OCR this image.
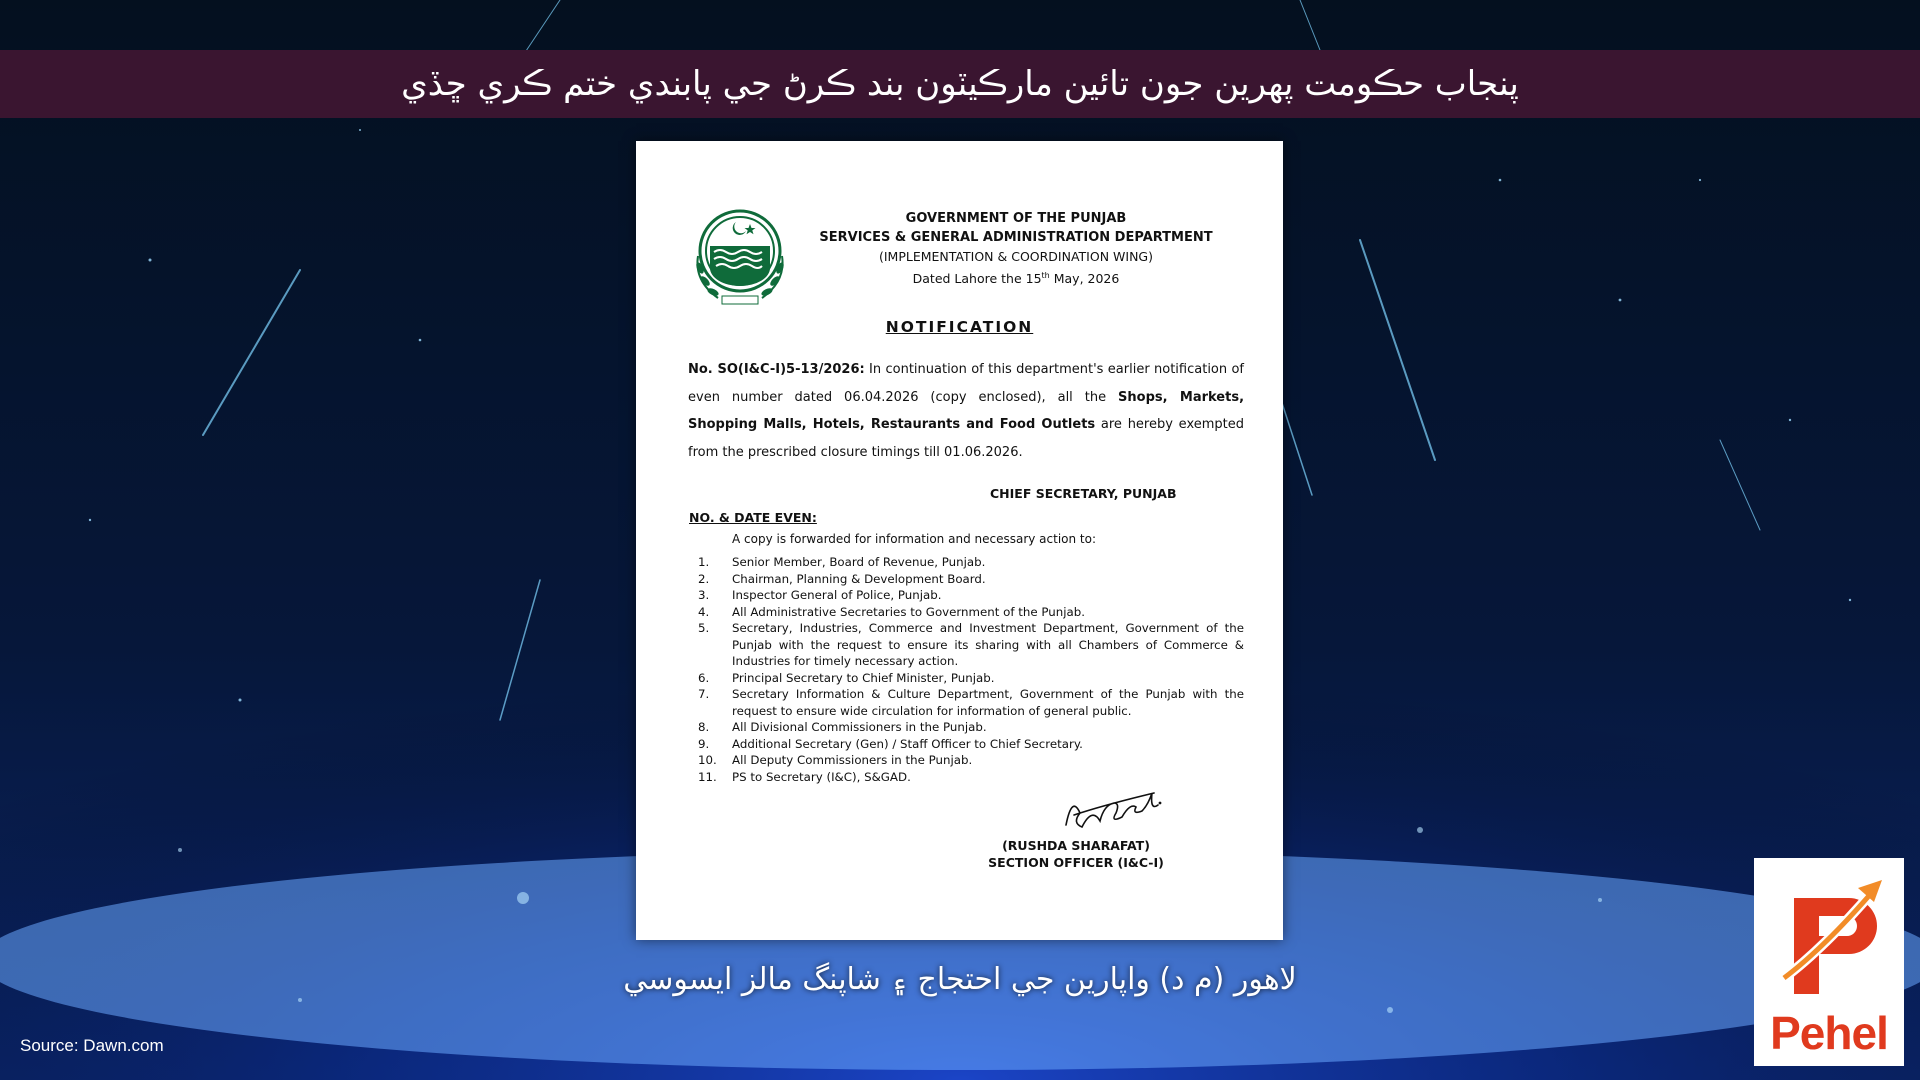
پنجاب حڪومت پهرين جون تائين مارڪيٽون بند ڪرڻ جي پابندي ختم ڪري ڇڏي
GOVERNMENT OF THE PUNJAB
SERVICES & GENERAL ADMINISTRATION DEPARTMENT
(IMPLEMENTATION & COORDINATION WING)
Dated Lahore the 15th May, 2026
NOTIFICATION

No. SO(I&C-I)5-13/2026: In continuation of this department's earlier notification of even number dated 06.04.2026 (copy enclosed), all the Shops, Markets, Shopping Malls, Hotels, Restaurants and Food Outlets are hereby exempted from the prescribed closure timings till 01.06.2026.

CHIEF SECRETARY, PUNJAB
NO. & DATE EVEN:
A copy is forwarded for information and necessary action to:
1.	Senior Member, Board of Revenue, Punjab.
2.	Chairman, Planning & Development Board.
3.	Inspector General of Police, Punjab.
4.	All Administrative Secretaries to Government of the Punjab.
5.	Secretary, Industries, Commerce and Investment Department, Government of the Punjab with the request to ensure its sharing with all Chambers of Commerce & Industries for timely necessary action.
6.	Principal Secretary to Chief Minister, Punjab.
7.	Secretary Information & Culture Department, Government of the Punjab with the request to ensure wide circulation for information of general public.
8.	All Divisional Commissioners in the Punjab.
9.	Additional Secretary (Gen) / Staff Officer to Chief Secretary.
10.	All Deputy Commissioners in the Punjab.
11.	PS to Secretary (I&C), S&GAD.
(RUSHDA SHARAFAT)
SECTION OFFICER (I&C-I)
لاهور (م د) واپارين جي احتجاج ۽ شاپنگ مالز ايسوسي
Source: Dawn.com	Pehel
